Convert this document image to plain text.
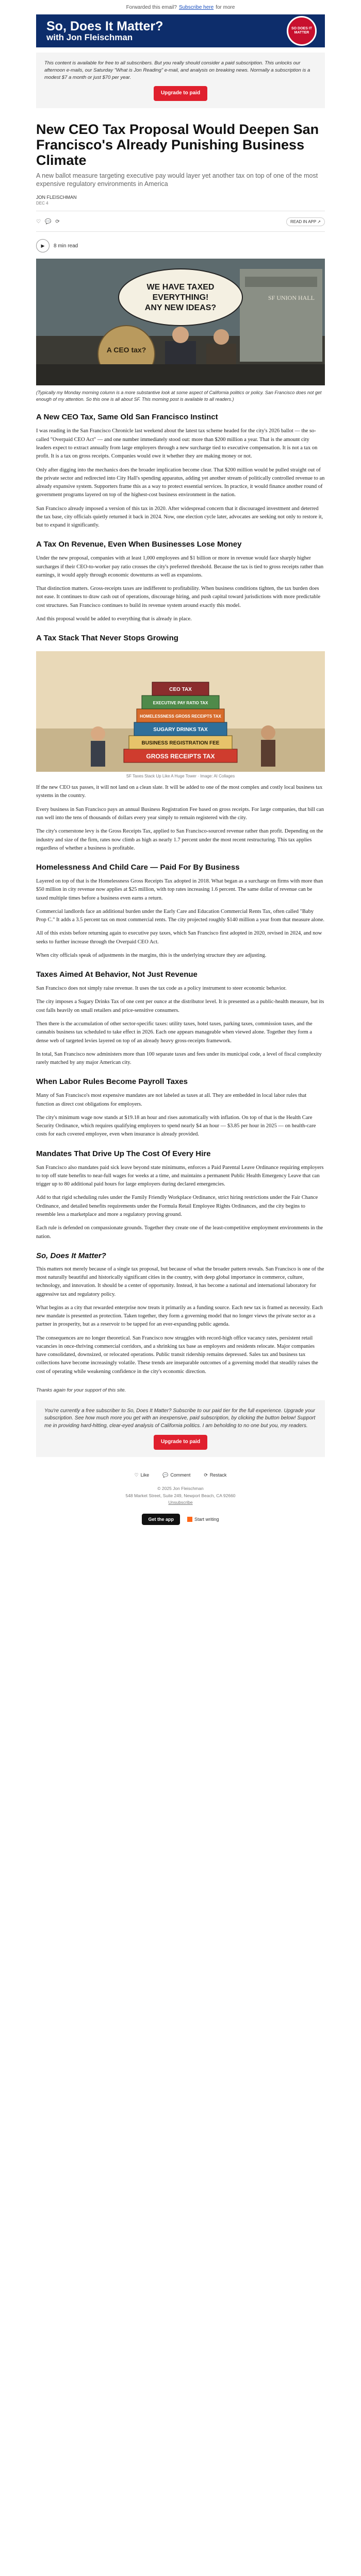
Forwarded this email? Subscribe here for more
So, Does It Matter?
with Jon Fleischman
SO DOES IT MATTER
This content is available for free to all subscribers. But you really should consider a paid subscription. This unlocks our afternoon e-mails, our Saturday "What is Jon Reading" e-mail, and analysis on breaking news. Normally a subscription is a modest $7 a month or just $70 per year.
Upgrade to paid
New CEO Tax Proposal Would Deepen San Francisco's Already Punishing Business Climate
A new ballot measure targeting executive pay would layer yet another tax on top of one of the most expensive regulatory environments in America
JON FLEISCHMAN
DEC 4
♡ 💬 ⟳	READ IN APP ↗
▶	8 min read
SF UNION HALL
WE HAVE TAXED
EVERYTHING!
ANY NEW IDEAS?
A CEO tax?
(Typically my Monday morning column is a more substantive look at some aspect of California politics or policy. San Francisco does not get enough of my attention. So this one is all about SF. This morning post is available to all readers.)
A New CEO Tax, Same Old San Francisco Instinct

I was reading in the San Francisco Chronicle last weekend about the latest tax scheme headed for the city's 2026 ballot — the so-called "Overpaid CEO Act" — and one number immediately stood out: more than $200 million a year. That is the amount city leaders expect to extract annually from large employers through a new surcharge tied to executive compensation. It is not a tax on profit. It is a tax on gross receipts. Companies would owe it whether they are making money or not.

Only after digging into the mechanics does the broader implication become clear. That $200 million would be pulled straight out of the private sector and redirected into City Hall's spending apparatus, adding yet another stream of politically controlled revenue to an already expansive system. Supporters frame this as a way to protect essential services. In practice, it would finance another round of government programs layered on top of the highest-cost business environment in the nation.

San Francisco already imposed a version of this tax in 2020. After widespread concern that it discouraged investment and deterred the tax base, city officials quietly returned it back in 2024. Now, one election cycle later, advocates are seeking not only to restore it, but to expand it significantly.

A Tax On Revenue, Even When Businesses Lose Money

Under the new proposal, companies with at least 1,000 employees and $1 billion or more in revenue would face sharply higher surcharges if their CEO-to-worker pay ratio crosses the city's preferred threshold. Because the tax is tied to gross receipts rather than earnings, it would apply through economic downturns as well as expansions.

That distinction matters. Gross-receipts taxes are indifferent to profitability. When business conditions tighten, the tax burden does not ease. It continues to draw cash out of operations, discourage hiring, and push capital toward jurisdictions with more predictable cost structures. San Francisco continues to build its revenue system around exactly this model.

And this proposal would be added to everything that is already in place.

A Tax Stack That Never Stops Growing
GROSS RECEIPTS TAX
BUSINESS REGISTRATION FEE
SUGARY DRINKS TAX
HOMELESSNESS GROSS RECEIPTS TAX
EXECUTIVE PAY RATIO TAX
CEO TAX
SF Taxes Stack Up Like A Huge Tower · Image: AI Collages

If the new CEO tax passes, it will not land on a clean slate. It will be added to one of the most complex and costly local business tax systems in the country.

Every business in San Francisco pays an annual Business Registration Fee based on gross receipts. For large companies, that bill can run well into the tens of thousands of dollars every year simply to remain registered with the city.

The city's cornerstone levy is the Gross Receipts Tax, applied to San Francisco-sourced revenue rather than profit. Depending on the industry and size of the firm, rates now climb as high as nearly 1.7 percent under the most recent restructuring. This tax applies regardless of whether a business is profitable.

Homelessness And Child Care — Paid For By Business

Layered on top of that is the Homelessness Gross Receipts Tax adopted in 2018. What began as a surcharge on firms with more than $50 million in city revenue now applies at $25 million, with top rates increasing 1.6 percent. The same dollar of revenue can be taxed multiple times before a business even earns a return.

Commercial landlords face an additional burden under the Early Care and Education Commercial Rents Tax, often called "Baby Prop C." It adds a 3.5 percent tax on most commercial rents. The city projected roughly $140 million a year from that measure alone.

All of this exists before returning again to executive pay taxes, which San Francisco first adopted in 2020, revised in 2024, and now seeks to further increase through the Overpaid CEO Act.

When city officials speak of adjustments in the margins, this is the underlying structure they are adjusting.

Taxes Aimed At Behavior, Not Just Revenue

San Francisco does not simply raise revenue. It uses the tax code as a policy instrument to steer economic behavior.

The city imposes a Sugary Drinks Tax of one cent per ounce at the distributor level. It is presented as a public-health measure, but its cost falls heavily on small retailers and price-sensitive consumers.

Then there is the accumulation of other sector-specific taxes: utility taxes, hotel taxes, parking taxes, commission taxes, and the cannabis business tax scheduled to take effect in 2026. Each one appears manageable when viewed alone. Together they form a dense web of targeted levies layered on top of an already heavy gross-receipts framework.

In total, San Francisco now administers more than 100 separate taxes and fees under its municipal code, a level of fiscal complexity rarely matched by any major American city.

When Labor Rules Become Payroll Taxes

Many of San Francisco's most expensive mandates are not labeled as taxes at all. They are embedded in local labor rules that function as direct cost obligations for employers.

The city's minimum wage now stands at $19.18 an hour and rises automatically with inflation. On top of that is the Health Care Security Ordinance, which requires qualifying employers to spend nearly $4 an hour — $3.85 per hour in 2025 — on health-care costs for each covered employee, even when insurance is already provided.

Mandates That Drive Up The Cost Of Every Hire

San Francisco also mandates paid sick leave beyond state minimums, enforces a Paid Parental Leave Ordinance requiring employers to top off state benefits to near-full wages for weeks at a time, and maintains a permanent Public Health Emergency Leave that can trigger up to 80 additional paid hours for large employers during declared emergencies.

Add to that rigid scheduling rules under the Family Friendly Workplace Ordinance, strict hiring restrictions under the Fair Chance Ordinance, and detailed benefits requirements under the Formula Retail Employee Rights Ordinances, and the city begins to resemble less a marketplace and more a regulatory proving ground.

Each rule is defended on compassionate grounds. Together they create one of the least-competitive employment environments in the nation.

So, Does It Matter?

This matters not merely because of a single tax proposal, but because of what the broader pattern reveals. San Francisco is one of the most naturally beautiful and historically significant cities in the country, with deep global importance in commerce, culture, technology, and innovation. It should be a center of opportunity. Instead, it has become a national and international laboratory for aggressive tax and regulatory policy.

What begins as a city that rewarded enterprise now treats it primarily as a funding source. Each new tax is framed as necessity. Each new mandate is presented as protection. Taken together, they form a governing model that no longer views the private sector as a partner in prosperity, but as a reservoir to be tapped for an ever-expanding public agenda.

The consequences are no longer theoretical. San Francisco now struggles with record-high office vacancy rates, persistent retail vacancies in once-thriving commercial corridors, and a shrinking tax base as employers and residents relocate. Major companies have consolidated, downsized, or relocated operations. Public transit ridership remains depressed. Sales tax and business tax collections have become increasingly volatile. These trends are inseparable outcomes of a governing model that steadily raises the cost of operating while weakening confidence in the city's economic direction.

Thanks again for your support of this site.
You're currently a free subscriber to So, Does It Matter? Subscribe to our paid tier for the full experience. Upgrade your subscription. See how much more you get with an inexpensive, paid subscription, by clicking the button below! Support me in providing hard-hitting, clear-eyed analysis of California politics. I am beholding to no one but you, my readers.
Upgrade to paid
♡ Like	💬 Comment	⟳ Restack
© 2025 Jon Fleischman
548 Market Street, Suite 249, Newport Beach, CA 92660
Unsubscribe
Get the app	Start writing
